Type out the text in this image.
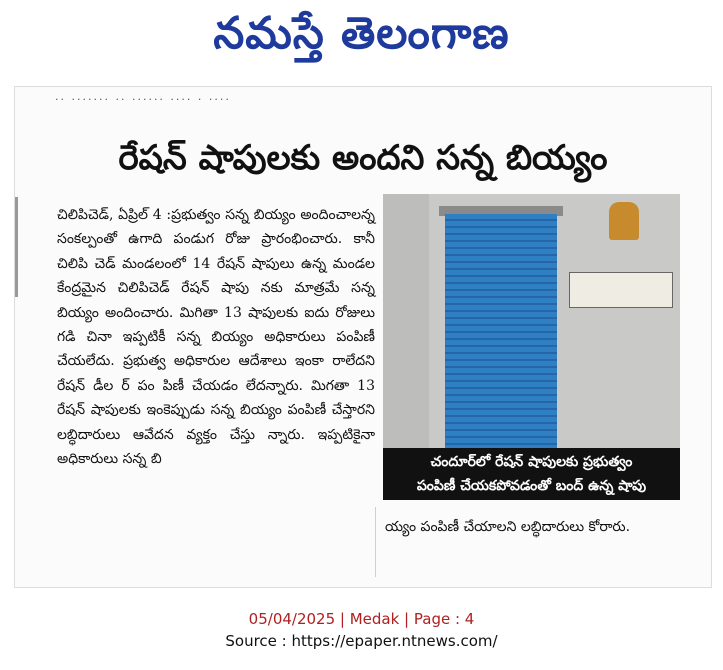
నమస్తే తెలంగాణ
·· ······· ·· ······ ···· · ····
రేషన్ షాపులకు అందని సన్న బియ్యం

చిలిపిచెడ్, ఏప్రిల్ 4 :ప్రభుత్వం సన్న బియ్యం అందించాలన్న సంకల్పంతో ఉగాది పండుగ రోజు ప్రారంభించారు. కానీ చిలిపి చెడ్ మండలంలో 14 రేషన్ షాపులు ఉన్న మండల కేంద్రమైన చిలిపిచెడ్ రేషన్ షాపు నకు మాత్రమే సన్న బియ్యం అందించారు. మిగితా 13 షాపులకు ఐదు రోజులు గడి చినా ఇప్పటికీ సన్న బియ్యం అధికారులు పంపిణీ చేయలేదు. ప్రభుత్వ అధికారుల ఆదేశాలు ఇంకా రాలేదని రేషన్ డీల ర్ పం పిణీ చేయడం లేదన్నారు. మిగతా 13 రేషన్ షాపులకు ఇంకెప్పుడు సన్న బియ్యం పంపిణీ చేస్తారని లబ్ధిదారులు ఆవేదన వ్యక్తం చేస్తు న్నారు. ఇప్పటికైనా అధికారులు సన్న బి	చందూర్‌లో రేషన్ షాపులకు ప్రభుత్వం
పంపిణీ చేయకపోవడంతో బంద్ ఉన్న షాపు

య్యం పంపిణీ చేయాలని లబ్ధిదారులు కోరారు.

05/04/2025 | Medak | Page : 4
Source : https://epaper.ntnews.com/
